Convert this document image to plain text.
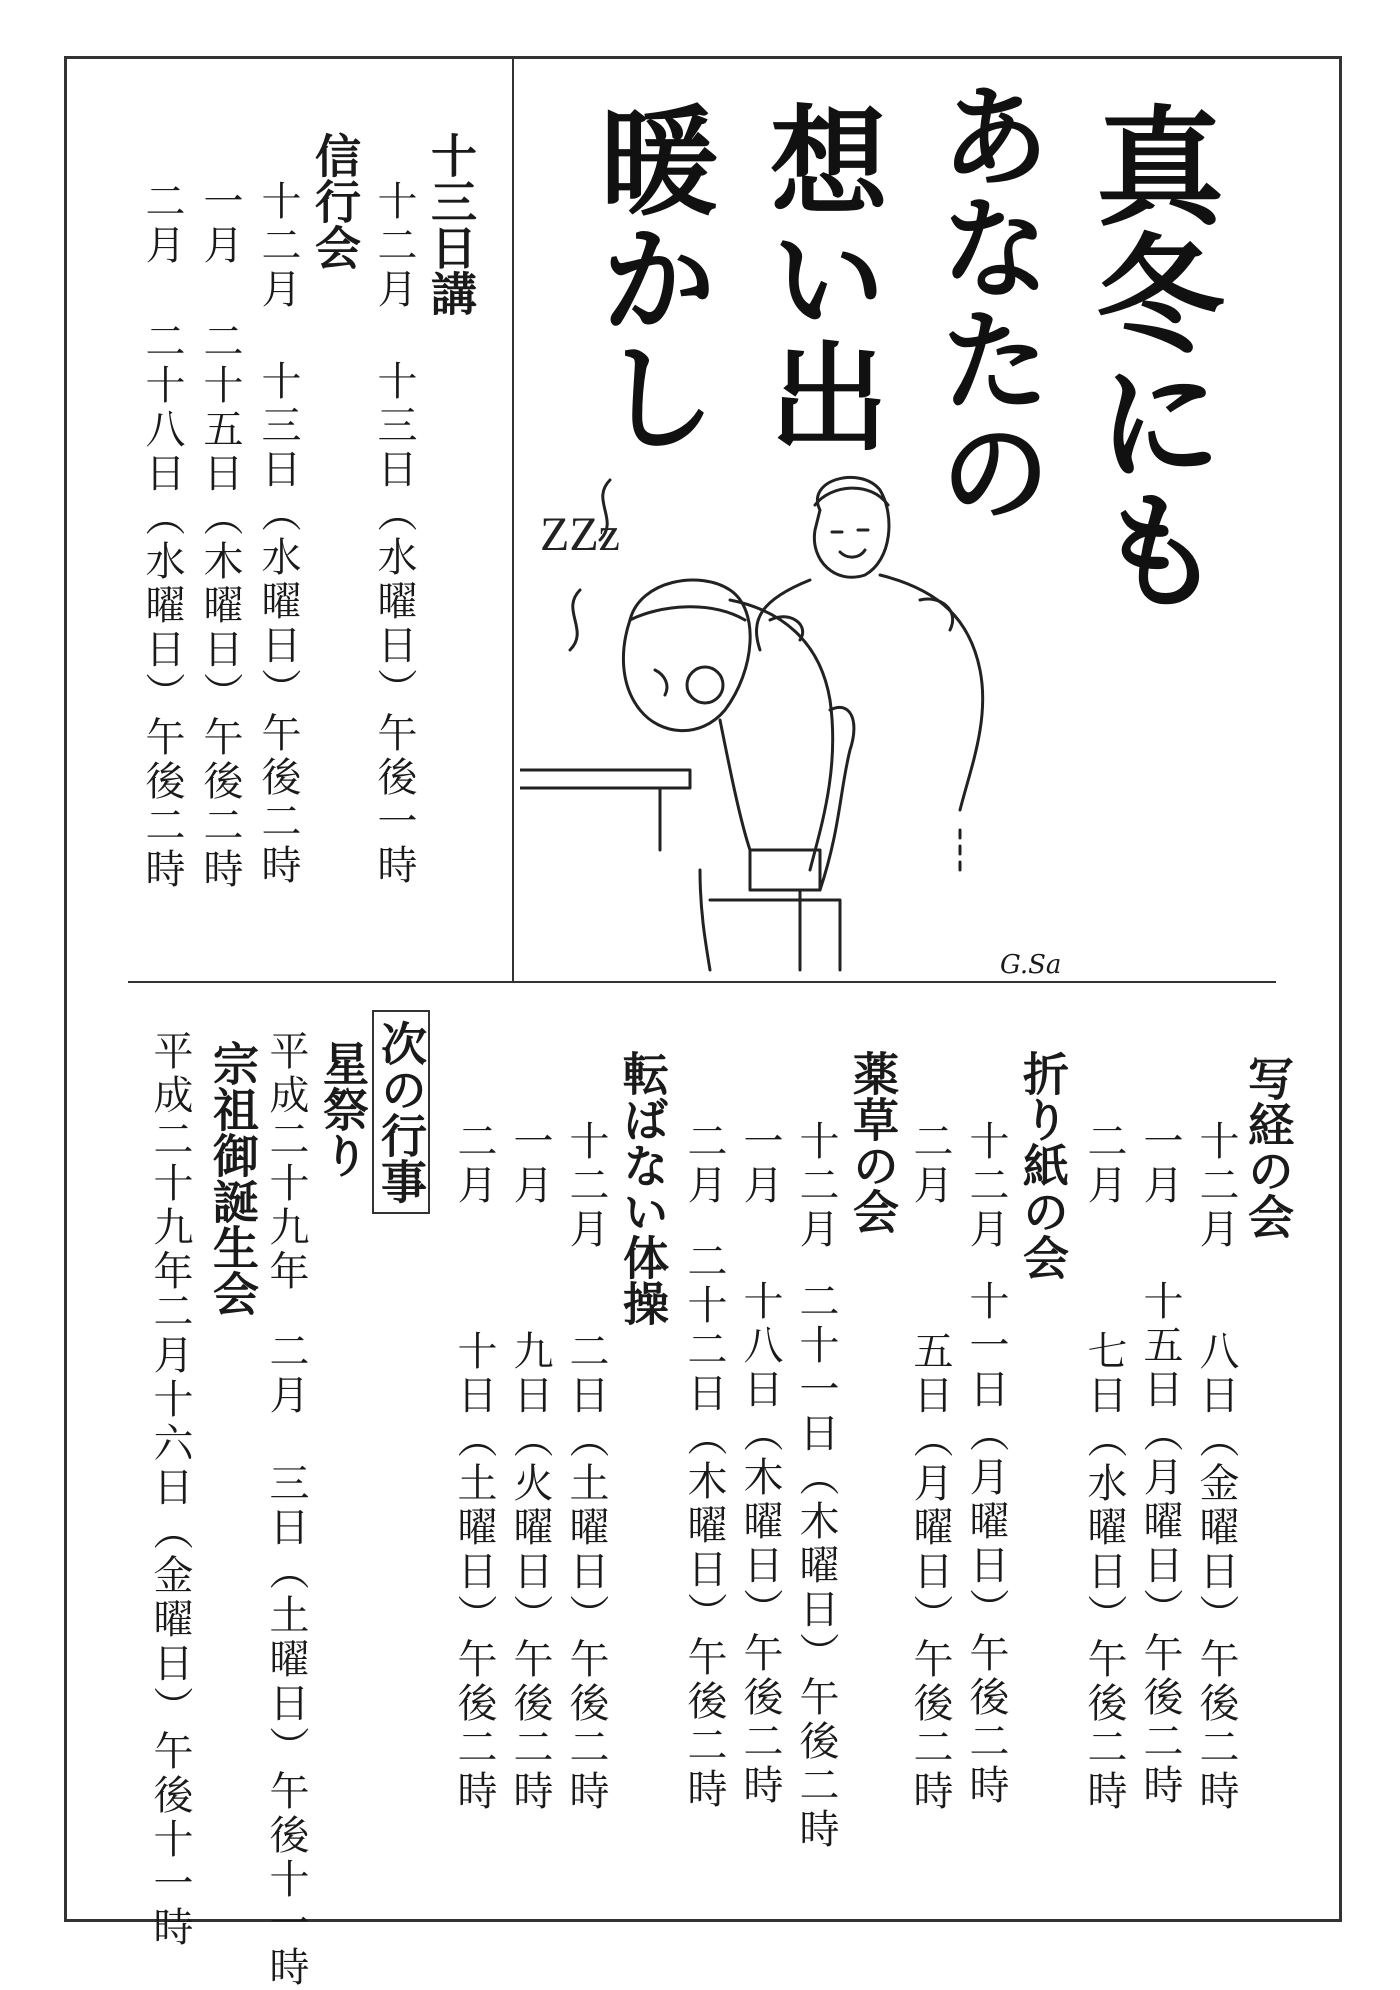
真冬にも
あなたの
想い出
暖かし
ZZz
G.Sa
十三日講
十二月
十三日（水曜日）午後一時
信行会
十二月
十三日（水曜日）午後二時
一月
二十五日（木曜日）午後二時
二月
二十八日（水曜日）午後二時
写経の会
十二月
八日（金曜日）午後二時
一月
十五日（月曜日）午後二時
二月
七日（水曜日）午後二時
折り紙の会
十二月
十一日（月曜日）午後二時
二月
五日（月曜日）午後二時
薬草の会
十二月
二十一日（木曜日）午後二時
一月
十八日（木曜日）午後二時
二月
二十二日（木曜日）午後二時
転ばない体操
十二月
二日（土曜日）午後二時
一月
九日（火曜日）午後二時
二月
十日（土曜日）午後二時
次の行事
星祭り
平成二十九年
二月　三日（土曜日）午後十一時
宗祖御誕生会
平成二十九年
二月十六日（金曜日）午後十一時
